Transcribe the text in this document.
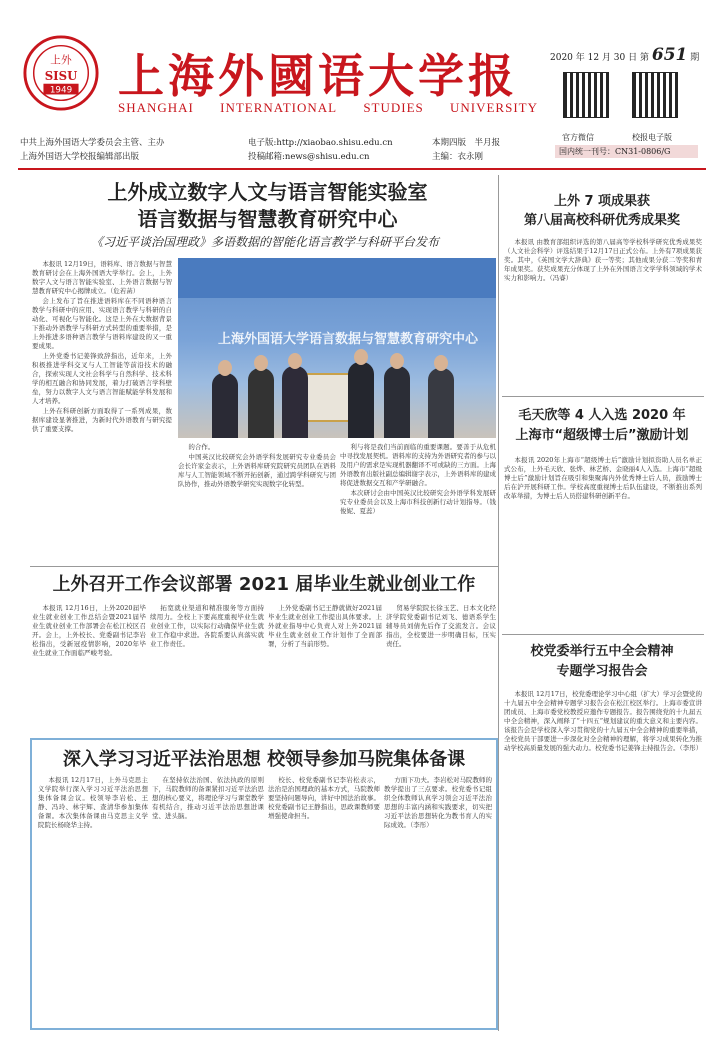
上外
SISU
1949 上海外國语大学报
SHANGHAI INTERNATIONAL STUDIES UNIVERSITY
2020 年 12 月 30 日 第 651 期
官方微信	校报电子版
国内统一刊号：CN31-0806/G
中共上海外国语大学委员会主管、主办
上海外国语大学校报编辑部出版
电子版:http://xiaobao.shisu.edu.cn
投稿邮箱:news@shisu.edu.cn
本期四版　半月报
主编：衣永刚
上外成立数字人文与语言智能实验室
语言数据与智慧教育研究中心
《习近平谈治国理政》多语数据的智能化语言教学与科研平台发布
上海外国语大学语言数据与智慧教育研究中心

本报讯 12月19日，语料库、语言数据与智慧教育研讨会在上海外国语大学举行。会上，上外数字人文与语言智能实验室、上外语言数据与智慧教育研究中心揭牌成立。（危若菡）

会上发布了旨在推进语料库在不同语种语言教学与科研中的应用、实现语言教学与科研的自动化、可视化与智能化。这是上外在大数据背景下推动外语教学与科研方式转型的重要举措，是上外推进多语种语言教学与语料库建设的又一重要成果。

上外党委书记姜锋致辞指出，近年来，上外积极推进学科交叉与人工智能等前沿技术的融合，探索实现人文社会科学与自然科学、技术科学的相互融合和协同发展，着力打破语言学科壁垒，努力以数字人文与语言智能赋能学科发展和人才培养。

上外在科研创新方面取得了一系列成果，数据库建设显著推进，为新时代外语教育与研究提供了重要支撑。

的合作。

中国英汉比较研究会外语学科发展研究专业委员会会长许家金表示，上外语料库研究院研究员团队在语料库与人工智能领域不断开拓创新，通过跨学科研究与团队协作，推动外语教学研究实现数字化转型。

利与将是我们当前面临的重要课题。要善于从危机中寻找发展契机。语料库的支持为外语研究者的参与以及用户的需求是实现机器翻译不可或缺的三方面。上海外语教育出版社副总编辑谢宇表示，上外语料库的建成将促进数据交互和产学研融合。

本次研讨会由中国英汉比较研究会外语学科发展研究专业委员会以及上海市科技创新行动计划指导。（钱俊妮、夏蕊）

上外召开工作会议部署 2021 届毕业生就业创业工作

本报讯 12月16日，上外2020届毕业生就业创业工作总结会暨2021届毕业生就业创业工作部署会在松江校区召开。会上，上外校长、党委副书记李岩松指出，受新冠疫情影响，2020年毕业生就业工作面临严峻考验。

拓宽就业渠道和精准服务等方面持续用力。全校上下要高度重视毕业生就业创业工作，以实际行动确保毕业生就业工作稳中求进。各院系要认真落实就业工作责任。

上外党委副书记王静就做好2021届毕业生就业创业工作提出具体要求。上外就业指导中心负责人对上外2021届毕业生就业创业工作计划作了全面部署，分析了当前形势。

贸易学院院长徐玉艺、日本文化经济学院党委副书记刘飞、德语系学生辅导员刘倩先后作了交流发言。会议指出，全校要进一步明确目标，压实责任。

深入学习习近平法治思想 校领导参加马院集体备课

本报讯 12月17日，上外马克思主义学院举行深入学习习近平法治思想集体备课会议。校领导李岩松、王静、冯玲、林宇辉、查清华参加集体备课。本次集体备课由马克思主义学院院长杨晓华主持。

在坚持依法治国、依法执政的原则下，马院教师的备课紧扣习近平法治思想的核心要义，将理论学习与课堂教学有机结合，推动习近平法治思想进课堂、进头脑。

校长、校党委副书记李岩松表示，法治是治国理政的基本方式，马院教师要坚持问题导向，讲好中国法治故事。校党委副书记王静指出，思政课教师要增强使命担当。

方面下功夫。李岩松对马院教师的教学提出了三点要求。校党委书记组织全体教师认真学习领会习近平法治思想的丰富内涵和实践要求，切实把习近平法治思想转化为教书育人的实际成效。（李彤）

上外 7 项成果获
第八届高校科研优秀成果奖

本报讯 由教育部组织评选的第八届高等学校科学研究优秀成果奖（人文社会科学）评选结果于12月17日正式公布。上外有7项成果获奖。其中，《英国文学大辞典》获一等奖；其他成果分获二等奖和青年成果奖。获奖成果充分体现了上外在外国语言文学学科领域的学术实力和影响力。（冯睿）

毛天欣等 4 人入选 2020 年
上海市“超级博士后”激励计划

本报讯 2020年上海市“超级博士后”激励计划拟资助人员名单正式公布，上外毛天欣、张烨、林艺桥、金晓丽4人入选。上海市“超级博士后”激励计划旨在吸引和集聚海内外优秀博士后人员，鼓励博士后在沪开展科研工作。学校高度重视博士后队伍建设，不断推出系列改革举措，为博士后人员搭建科研创新平台。

校党委举行五中全会精神
专题学习报告会

本报讯 12月17日，校党委理论学习中心组（扩大）学习会暨党的十九届五中全会精神专题学习报告会在松江校区举行。上海市委宣讲团成员、上海市委党校教授应邀作专题报告。报告围绕党的十九届五中全会精神，深入阐释了“十四五”规划建议的重大意义和主要内容。该报告会是学校深入学习贯彻党的十九届五中全会精神的重要举措，全校党员干部要进一步深化对全会精神的理解，将学习成果转化为推动学校高质量发展的强大动力。校党委书记姜锋主持报告会。（李彤）
